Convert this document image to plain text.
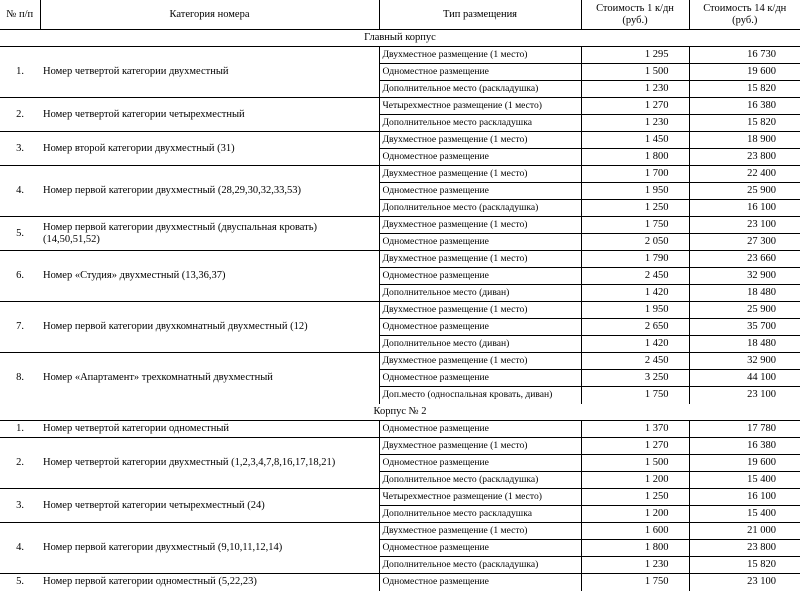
№ п/п	Категория номера	Тип размещения	Стоимость 1 к/дн (руб.)	Стоимость 14 к/дн (руб.)
Главный корпус				
1.	Номер четвертой категории двухместный	Двухместное размещение (1 место)	1 295	16 730
		Одноместное размещение	1 500	19 600
		Дополнительное место (раскладушка)	1 230	15 820
2.	Номер четвертой категории четырехместный	Четырехместное размещение (1 место)	1 270	16 380
		Дополнительное место раскладушка	1 230	15 820
3.	Номер второй категории двухместный (31)	Двухместное размещение (1 место)	1 450	18 900
		Одноместное размещение	1 800	23 800
4.	Номер первой категории двухместный (28,29,30,32,33,53)	Двухместное размещение (1 место)	1 700	22 400
		Одноместное размещение	1 950	25 900
		Дополнительное место (раскладушка)	1 250	16 100
5.	Номер первой категории двухместный (двуспальная кровать) (14,50,51,52)	Двухместное размещение (1 место)	1 750	23 100
		Одноместное размещение	2 050	27 300
6.	Номер «Студия» двухместный (13,36,37)	Двухместное размещение (1 место)	1 790	23 660
		Одноместное размещение	2 450	32 900
		Дополнительное место (диван)	1 420	18 480
7.	Номер первой категории двухкомнатный двухместный (12)	Двухместное размещение (1 место)	1 950	25 900
		Одноместное размещение	2 650	35 700
		Дополнительное место (диван)	1 420	18 480
8.	Номер «Апартамент» трехкомнатный двухместный	Двухместное размещение (1 место)	2 450	32 900
		Одноместное размещение	3 250	44 100
		Доп.место (односпальная кровать, диван)	1 750	23 100
Корпус № 2				
1.	Номер четвертой категории одноместный	Одноместное размещение	1 370	17 780
2.	Номер четвертой категории двухместный (1,2,3,4,7,8,16,17,18,21)	Двухместное размещение (1 место)	1 270	16 380
		Одноместное размещение	1 500	19 600
		Дополнительное место (раскладушка)	1 200	15 400
3.	Номер четвертой категории четырехместный (24)	Четырехместное размещение (1 место)	1 250	16 100
		Дополнительное место раскладушка	1 200	15 400
4.	Номер первой категории двухместный (9,10,11,12,14)	Двухместное размещение (1 место)	1 600	21 000
		Одноместное размещение	1 800	23 800
		Дополнительное место (раскладушка)	1 230	15 820
5.	Номер первой категории одноместный (5,22,23)	Одноместное размещение	1 750	23 100
